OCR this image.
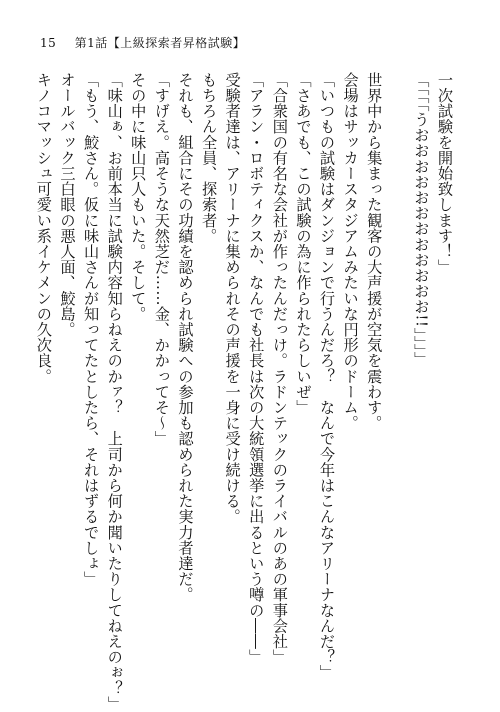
15 第1話【上級探索者昇格試験】
一次試験を開始致します！」
「「「「うおおおおおおおおおおおお!!」」」」
世界中から集まった観客の大声援が空気を震わす。
会場はサッカースタジアムみたいな円形のドーム。
「いつもの試験はダンジョンで行うんだろ？　なんで今年はこんなアリーナなんだ？」
「さあでも、この試験の為に作られたらしいぜ」
「合衆国の有名な会社が作ったんだっけ。ラドンテックのライバルのあの軍事会社」
「アラン・ロボティクスか、なんでも社長は次の大統領選挙に出るという噂の――」
受験者達は、アリーナに集められその声援を一身に受け続ける。
もちろん全員、探索者。
それも、組合にその功績を認められ試験への参加も認められた実力者達だ。
「すげえ。高そうな天然芝だ……金、かかってそ～」
その中に味山只人もいた。そして。
「味山ぁ、お前本当に試験内容知らねえのかァ？　上司から何か聞いたりしてねえのぉ？」
「もう、鮫さん。仮に味山さんが知ってたとしたら、それはずるでしょ」
オールバック三白眼の悪人面、鮫島。
キノコマッシュ可愛い系イケメンの久次良。
